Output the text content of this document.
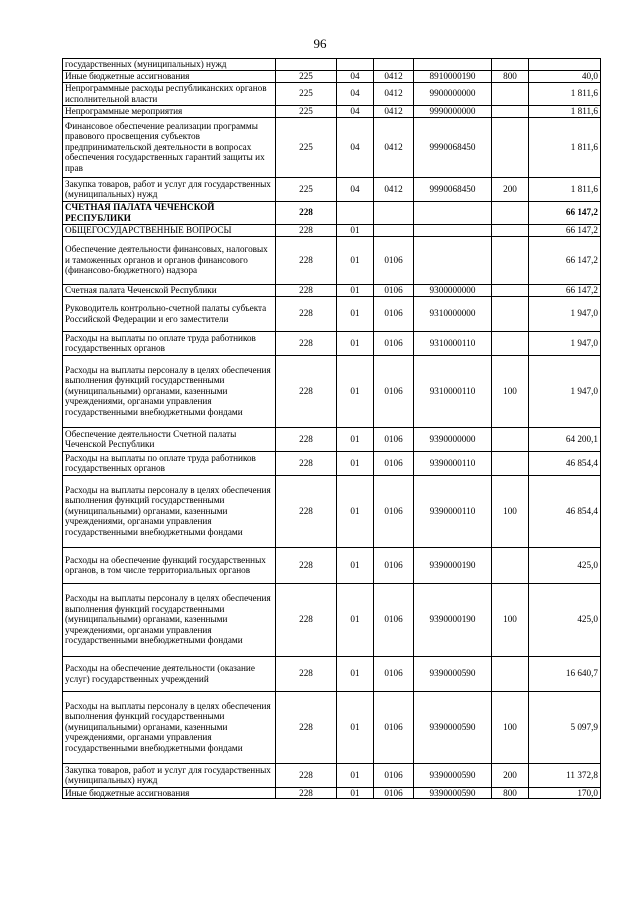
96
государственных (муниципальных) нужд						
Иные бюджетные ассигнования	225	04	0412	8910000190	800	40,0
Непрограммные расходы республиканских органов исполнительной власти	225	04	0412	9900000000		1 811,6
Непрограммные мероприятия	225	04	0412	9990000000		1 811,6
Финансовое обеспечение реализации программы правового просвещения субъектов предпринимательской деятельности в вопросах обеспечения государственных гарантий защиты их прав	225	04	0412	9990068450		1 811,6
Закупка товаров, работ и услуг для государственных (муниципальных) нужд	225	04	0412	9990068450	200	1 811,6
СЧЕТНАЯ ПАЛАТА ЧЕЧЕНСКОЙ РЕСПУБЛИКИ	228					66 147,2
ОБЩЕГОСУДАРСТВЕННЫЕ ВОПРОСЫ	228	01				66 147,2
Обеспечение деятельности финансовых, налоговых и таможенных органов и органов финансового (финансово-бюджетного) надзора	228	01	0106			66 147,2
Счетная палата Чеченской Республики	228	01	0106	9300000000		66 147,2
Руководитель контрольно-счетной палаты субъекта Российской Федерации и его заместители	228	01	0106	9310000000		1 947,0
Расходы на выплаты по оплате труда работников государственных органов	228	01	0106	9310000110		1 947,0
Расходы на выплаты персоналу в целях обеспечения выполнения функций государственными (муниципальными) органами, казенными учреждениями, органами управления государственными внебюджетными фондами	228	01	0106	9310000110	100	1 947,0
Обеспечение деятельности Счетной палаты Чеченской Республики	228	01	0106	9390000000		64 200,1
Расходы на выплаты по оплате труда работников государственных органов	228	01	0106	9390000110		46 854,4
Расходы на выплаты персоналу в целях обеспечения выполнения функций государственными (муниципальными) органами, казенными учреждениями, органами управления государственными внебюджетными фондами	228	01	0106	9390000110	100	46 854,4
Расходы на обеспечение функций государственных органов, в том числе территориальных органов	228	01	0106	9390000190		425,0
Расходы на выплаты персоналу в целях обеспечения выполнения функций государственными (муниципальными) органами, казенными учреждениями, органами управления государственными внебюджетными фондами	228	01	0106	9390000190	100	425,0
Расходы на обеспечение деятельности (оказание услуг) государственных учреждений	228	01	0106	9390000590		16 640,7
Расходы на выплаты персоналу в целях обеспечения выполнения функций государственными (муниципальными) органами, казенными учреждениями, органами управления государственными внебюджетными фондами	228	01	0106	9390000590	100	5 097,9
Закупка товаров, работ и услуг для государственных (муниципальных) нужд	228	01	0106	9390000590	200	11 372,8
Иные бюджетные ассигнования	228	01	0106	9390000590	800	170,0
